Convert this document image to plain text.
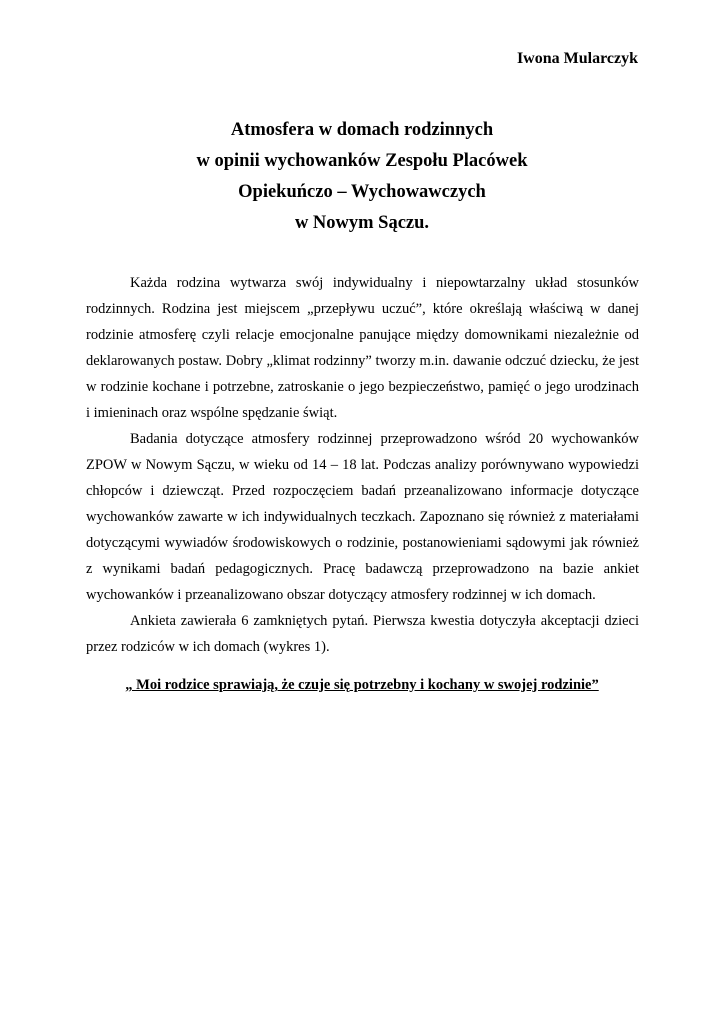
Iwona Mularczyk

Atmosfera w domach rodzinnych
w opinii wychowanków Zespołu Placówek
Opiekuńczo – Wychowawczych
w Nowym Sączu.

Każda rodzina wytwarza swój indywidualny i niepowtarzalny układ stosunków rodzinnych. Rodzina jest miejscem „przepływu uczuć”, które określają właściwą w danej rodzinie atmosferę czyli relacje emocjonalne panujące między domownikami niezależnie od deklarowanych postaw. Dobry „klimat rodzinny” tworzy m.in. dawanie odczuć dziecku, że jest w rodzinie kochane i potrzebne, zatroskanie o jego bezpieczeństwo, pamięć o jego urodzinach i imieninach oraz wspólne spędzanie świąt.

Badania dotyczące atmosfery rodzinnej przeprowadzono wśród 20 wychowanków ZPOW w Nowym Sączu, w wieku od 14 – 18 lat. Podczas analizy porównywano wypowiedzi chłopców i dziewcząt. Przed rozpoczęciem badań przeanalizowano informacje dotyczące wychowanków zawarte w ich indywidualnych teczkach. Zapoznano się również z materiałami dotyczącymi wywiadów środowiskowych o rodzinie, postanowieniami sądowymi jak również z wynikami badań pedagogicznych. Pracę badawczą przeprowadzono na bazie ankiet wychowanków i przeanalizowano obszar dotyczący atmosfery rodzinnej w ich domach.

Ankieta zawierała 6 zamkniętych pytań. Pierwsza kwestia dotyczyła akceptacji dzieci przez rodziców w ich domach (wykres 1).

„ Moi rodzice sprawiają, że czuje się potrzebny i kochany w swojej rodzinie”
